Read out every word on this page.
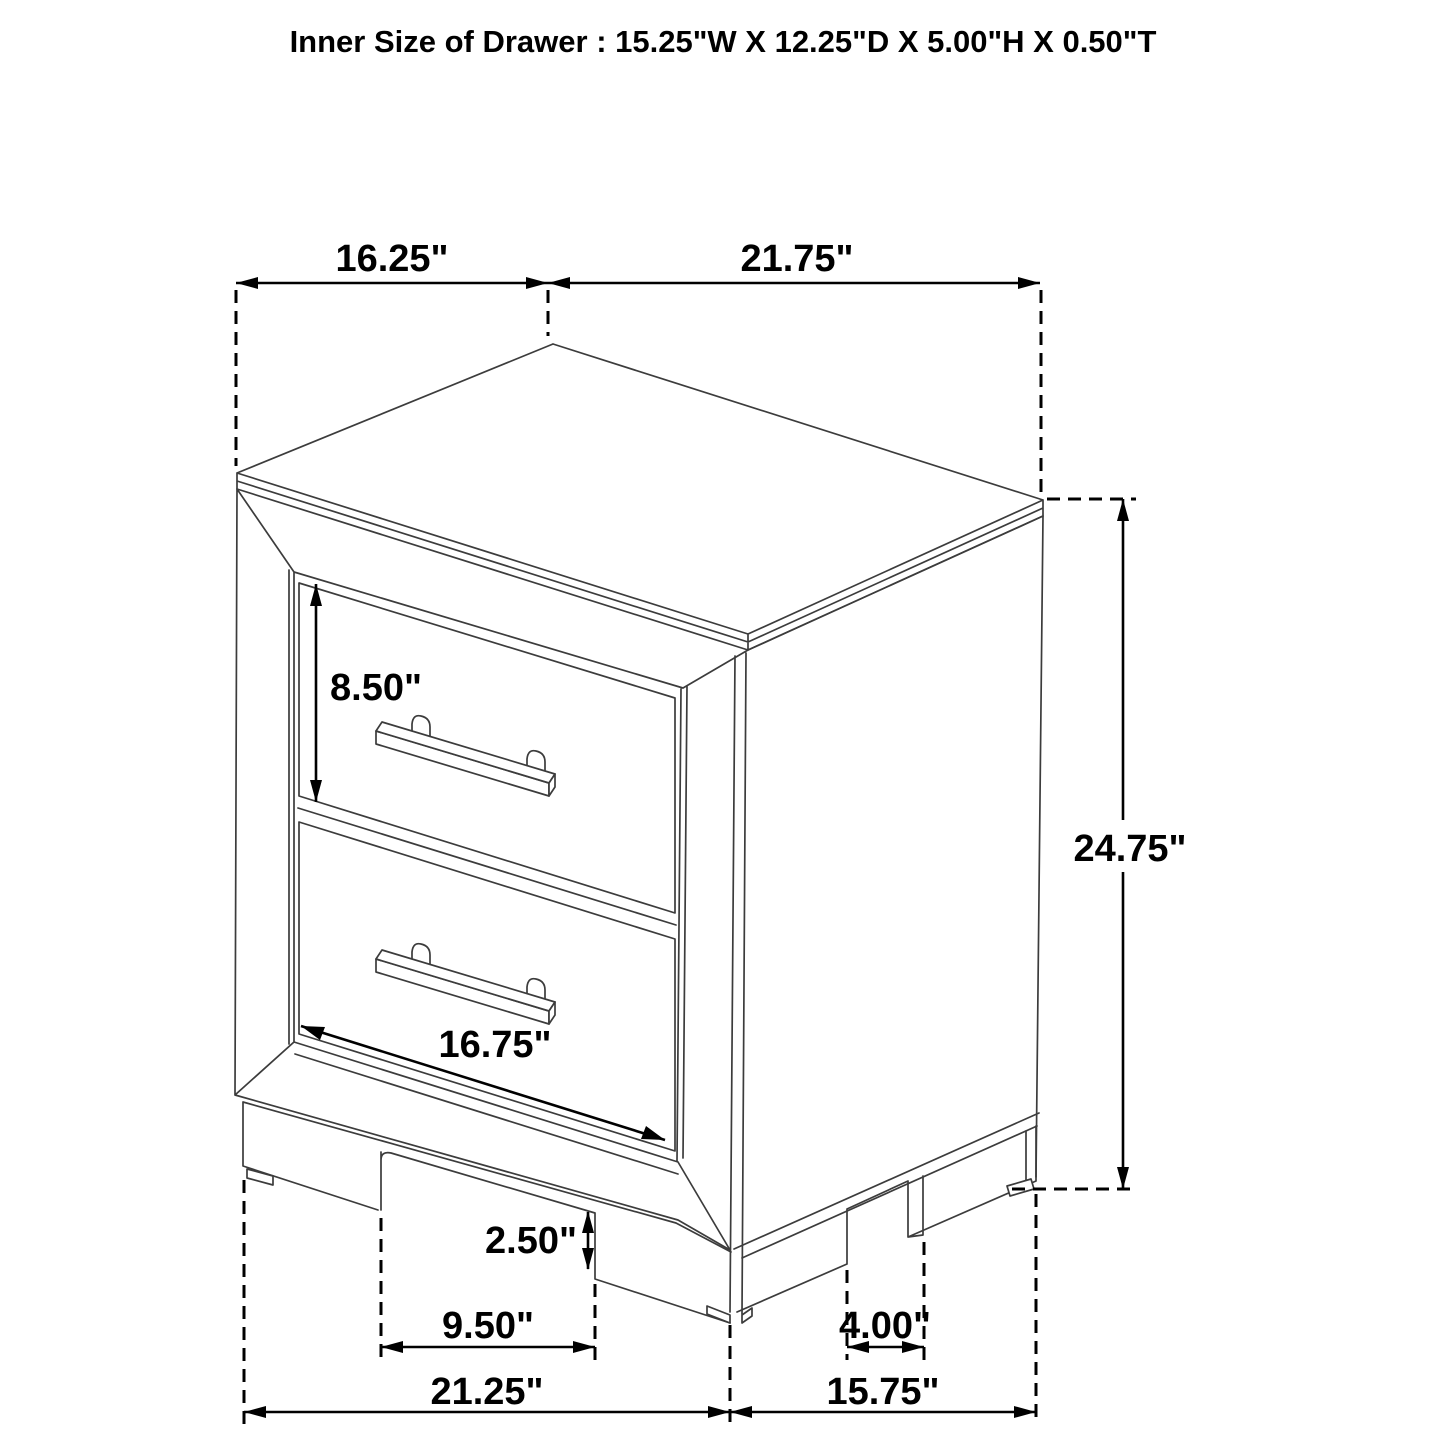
16.25"	21.75"
8.50"
16.75"
24.75"
2.50"
9.50"	4.00"
21.25"	15.75"
Inner Size of Drawer : 15.25"W X 12.25"D X 5.00"H X 0.50"T
